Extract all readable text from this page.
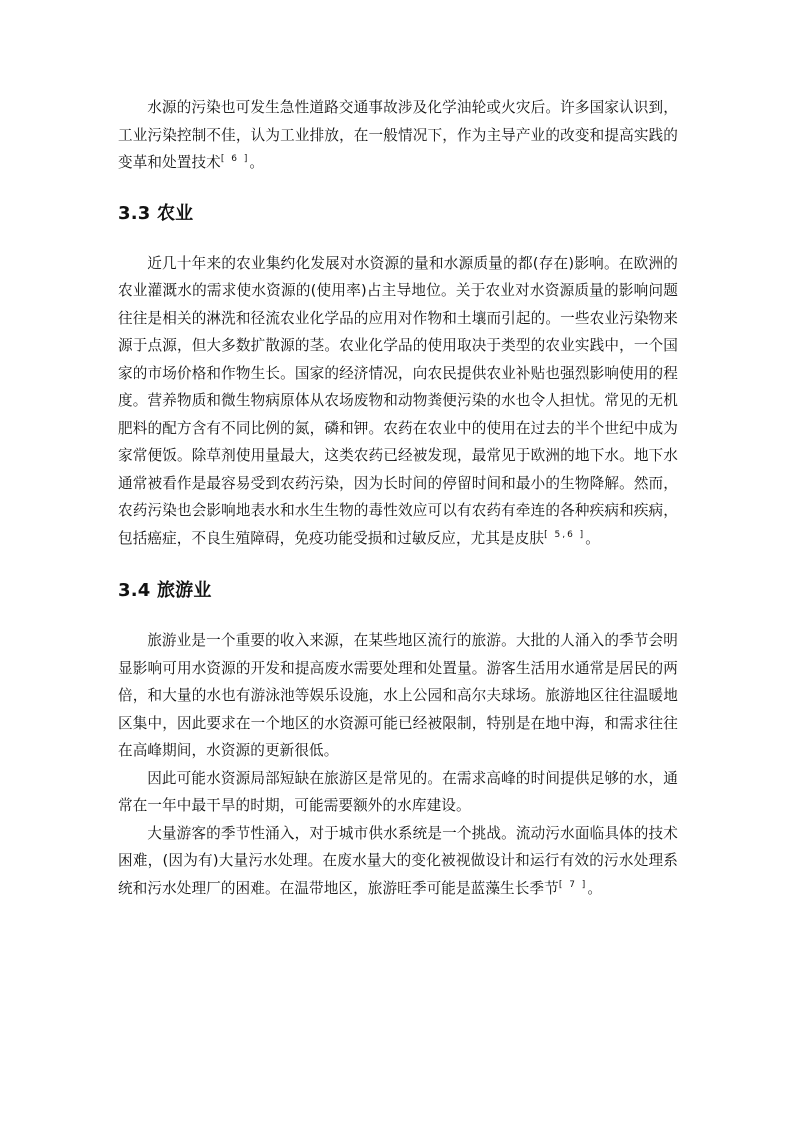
水源的污染也可发生急性道路交通事故涉及化学油轮或火灾后。许多国家认识到，工业污染控制不佳，认为工业排放，在一般情况下，作为主导产业的改变和提高实践的变革和处置技术[ 6 ]。

3.3 农业

近几十年来的农业集约化发展对水资源的量和水源质量的都(存在)影响。在欧洲的农业灌溉水的需求使水资源的(使用率)占主导地位。关于农业对水资源质量的影响问题往往是相关的淋洗和径流农业化学品的应用对作物和土壤而引起的。一些农业污染物来源于点源，但大多数扩散源的茎。农业化学品的使用取决于类型的农业实践中，一个国家的市场价格和作物生长。国家的经济情况，向农民提供农业补贴也强烈影响使用的程度。营养物质和微生物病原体从农场废物和动物粪便污染的水也令人担忧。常见的无机肥料的配方含有不同比例的氮，磷和钾。农药在农业中的使用在过去的半个世纪中成为家常便饭。除草剂使用量最大，这类农药已经被发现，最常见于欧洲的地下水。地下水通常被看作是最容易受到农药污染，因为长时间的停留时间和最小的生物降解。然而，农药污染也会影响地表水和水生生物的毒性效应可以有农药有牵连的各种疾病和疾病，包括癌症，不良生殖障碍，免疫功能受损和过敏反应，尤其是皮肤[ 5,6 ]。

3.4 旅游业

旅游业是一个重要的收入来源，在某些地区流行的旅游。大批的人涌入的季节会明显影响可用水资源的开发和提高废水需要处理和处置量。游客生活用水通常是居民的两倍，和大量的水也有游泳池等娱乐设施，水上公园和高尔夫球场。旅游地区往往温暖地区集中，因此要求在一个地区的水资源可能已经被限制，特别是在地中海，和需求往往在高峰期间，水资源的更新很低。

因此可能水资源局部短缺在旅游区是常见的。在需求高峰的时间提供足够的水，通常在一年中最干旱的时期，可能需要额外的水库建设。

大量游客的季节性涌入，对于城市供水系统是一个挑战。流动污水面临具体的技术困难，(因为有)大量污水处理。在废水量大的变化被视做设计和运行有效的污水处理系统和污水处理厂的困难。在温带地区，旅游旺季可能是蓝藻生长季节[ 7 ]。
